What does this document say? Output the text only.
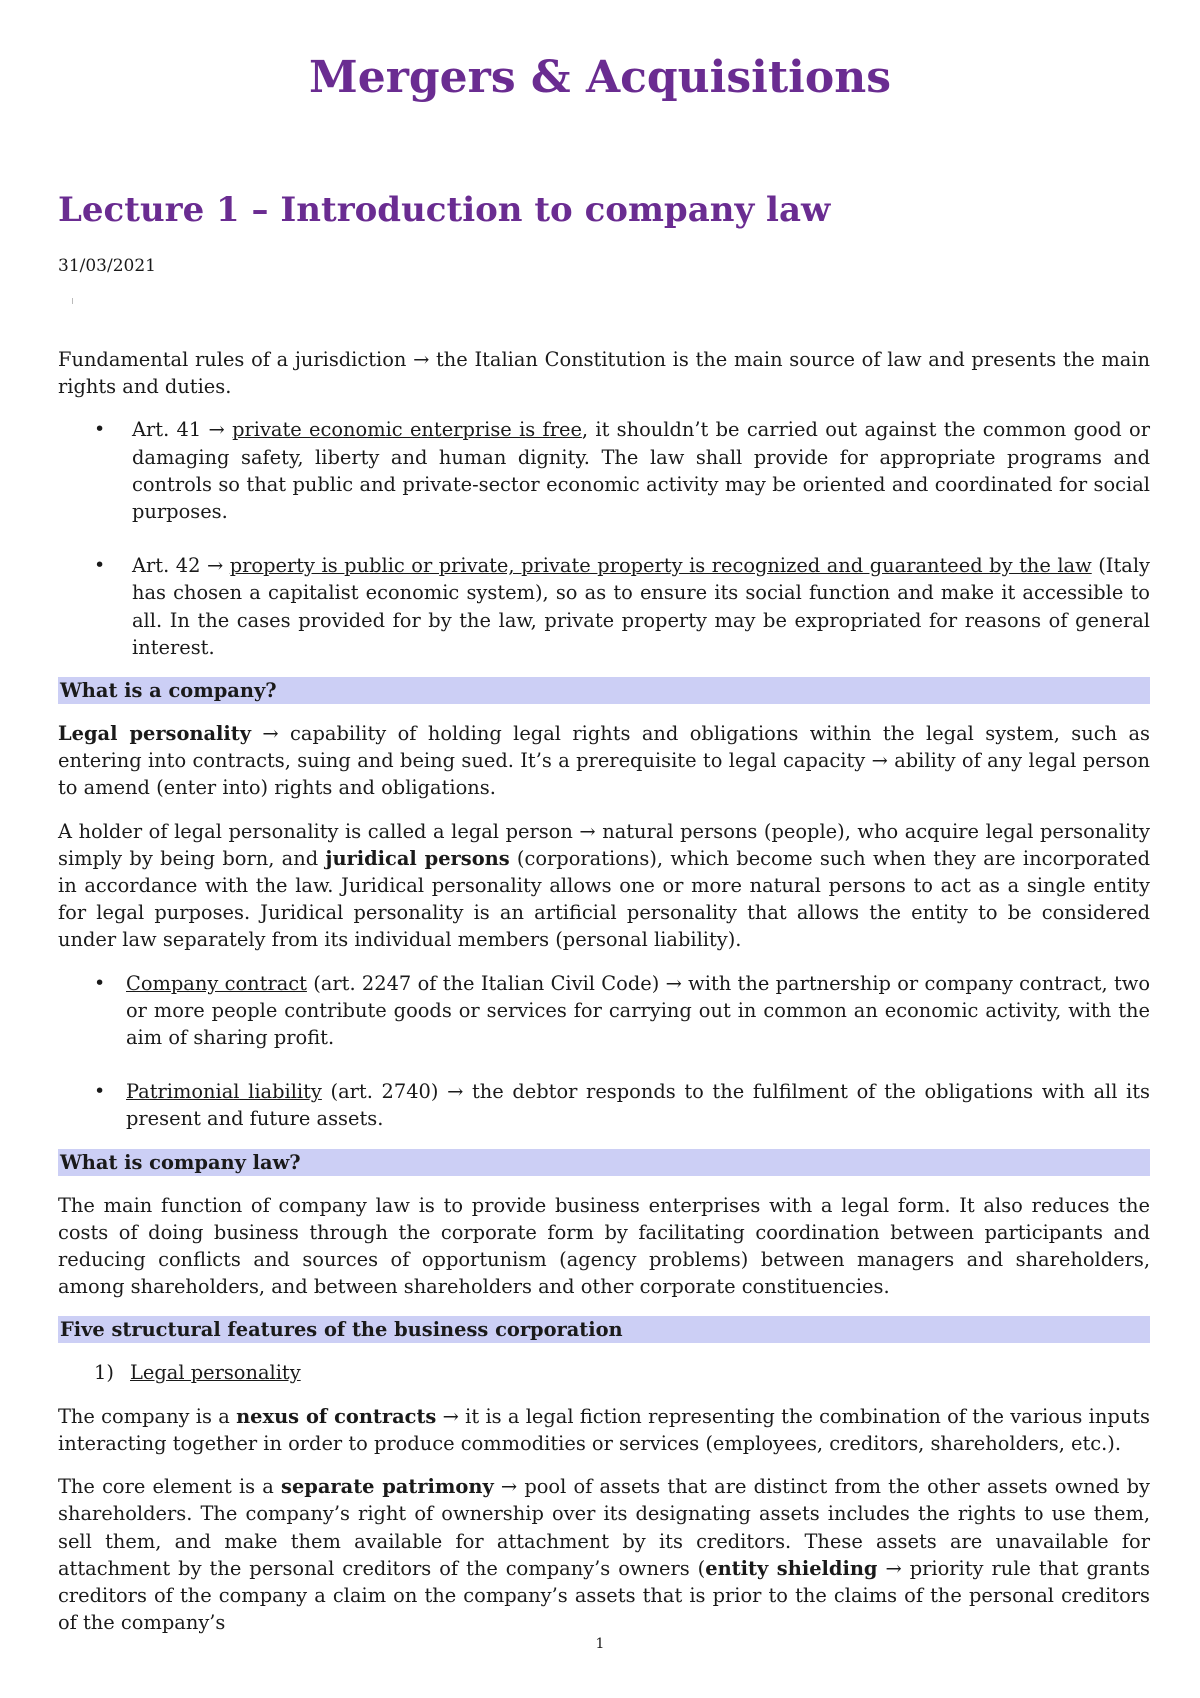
Mergers & Acquisitions
Lecture 1 – Introduction to company law

31/03/2021

Fundamental rules of a jurisdiction → the Italian Constitution is the main source of law and presents the main rights and duties.

• Art. 41 → private economic enterprise is free, it shouldn’t be carried out against the common good or damaging safety, liberty and human dignity. The law shall provide for appropriate programs and controls so that public and private-sector economic activity may be oriented and coordinated for social purposes.
• Art. 42 → property is public or private, private property is recognized and guaranteed by the law (Italy has chosen a capitalist economic system), so as to ensure its social function and make it accessible to all. In the cases provided for by the law, private property may be expropriated for reasons of general interest.
What is a company?

Legal personality → capability of holding legal rights and obligations within the legal system, such as entering into contracts, suing and being sued. It’s a prerequisite to legal capacity → ability of any legal person to amend (enter into) rights and obligations.

A holder of legal personality is called a legal person → natural persons (people), who acquire legal personality simply by being born, and juridical persons (corporations), which become such when they are incorporated in accordance with the law. Juridical personality allows one or more natural persons to act as a single entity for legal purposes. Juridical personality is an artificial personality that allows the entity to be considered under law separately from its individual members (personal liability).

• Company contract (art. 2247 of the Italian Civil Code) → with the partnership or company contract, two or more people contribute goods or services for carrying out in common an economic activity, with the aim of sharing profit.
• Patrimonial liability (art. 2740) → the debtor responds to the fulfilment of the obligations with all its present and future assets.
What is company law?

The main function of company law is to provide business enterprises with a legal form. It also reduces the costs of doing business through the corporate form by facilitating coordination between participants and reducing conflicts and sources of opportunism (agency problems) between managers and shareholders, among shareholders, and between shareholders and other corporate constituencies.

Five structural features of the business corporation
1) Legal personality

The company is a nexus of contracts → it is a legal fiction representing the combination of the various inputs interacting together in order to produce commodities or services (employees, creditors, shareholders, etc.).

The core element is a separate patrimony → pool of assets that are distinct from the other assets owned by shareholders. The company’s right of ownership over its designating assets includes the rights to use them, sell them, and make them available for attachment by its creditors. These assets are unavailable for attachment by the personal creditors of the company’s owners (entity shielding → priority rule that grants creditors of the company a claim on the company’s assets that is prior to the claims of the personal creditors of the company’s

1
